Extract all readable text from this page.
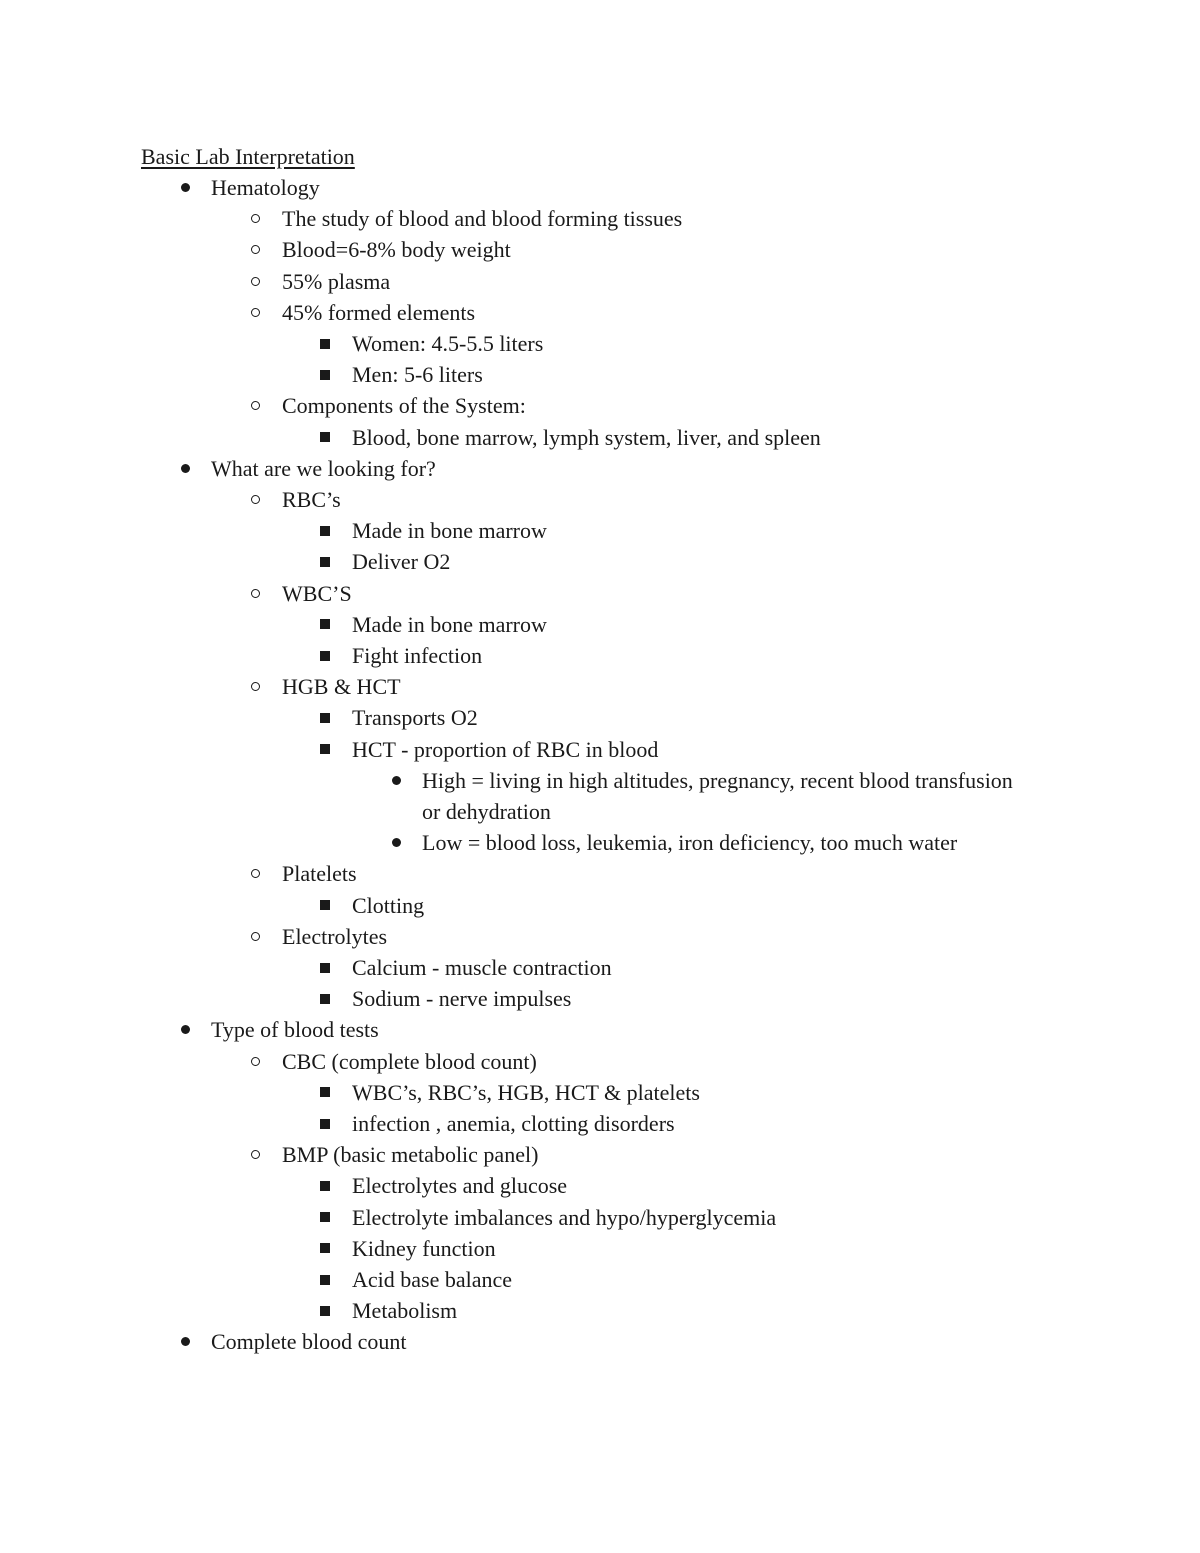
Basic Lab Interpretation
Hematology
The study of blood and blood forming tissues
Blood=6-8% body weight
55% plasma
45% formed elements
Women: 4.5-5.5 liters
Men: 5-6 liters
Components of the System:
Blood, bone marrow, lymph system, liver, and spleen
What are we looking for?
RBC’s
Made in bone marrow
Deliver O2
WBC’S
Made in bone marrow
Fight infection
HGB & HCT
Transports O2
HCT - proportion of RBC in blood
High = living in high altitudes, pregnancy, recent blood transfusion
or dehydration
Low = blood loss, leukemia, iron deficiency, too much water
Platelets
Clotting
Electrolytes
Calcium - muscle contraction
Sodium - nerve impulses
Type of blood tests
CBC (complete blood count)
WBC’s, RBC’s, HGB, HCT & platelets
infection , anemia, clotting disorders
BMP (basic metabolic panel)
Electrolytes and glucose
Electrolyte imbalances and hypo/hyperglycemia
Kidney function
Acid base balance
Metabolism
Complete blood count
